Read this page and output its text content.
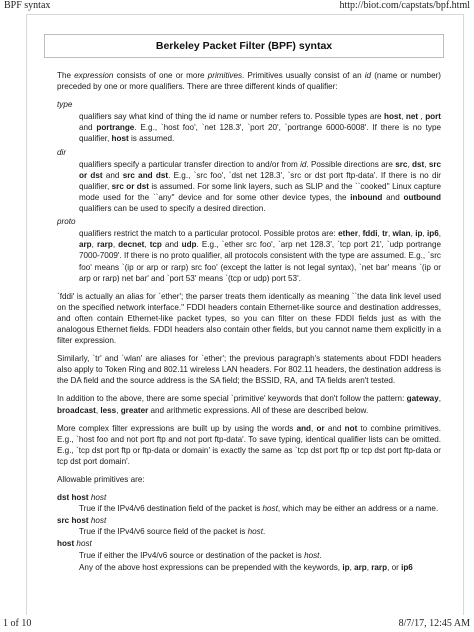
BPF syntax	http://biot.com/capstats/bpf.html
Berkeley Packet Filter (BPF) syntax

The expression consists of one or more primitives. Primitives usually consist of an id (name or number) preceded by one or more qualifiers. There are three different kinds of qualifier:

type
qualifiers say what kind of thing the id name or number refers to. Possible types are host, net , port and portrange. E.g., `host foo', `net 128.3', `port 20', `portrange 6000-6008'. If there is no type qualifier, host is assumed.
dir
qualifiers specify a particular transfer direction to and/or from id. Possible directions are src, dst, src or dst and src and dst. E.g., `src foo', `dst net 128.3', `src or dst port ftp-data'. If there is no dir qualifier, src or dst is assumed. For some link layers, such as SLIP and the ``cooked'' Linux capture mode used for the ``any'' device and for some other device types, the inbound and outbound qualifiers can be used to specify a desired direction.
proto
qualifiers restrict the match to a particular protocol. Possible protos are: ether, fddi, tr, wlan, ip, ip6, arp, rarp, decnet, tcp and udp. E.g., `ether src foo', `arp net 128.3', `tcp port 21', `udp portrange 7000-7009'. If there is no proto qualifier, all protocols consistent with the type are assumed. E.g., `src foo' means `(ip or arp or rarp) src foo' (except the latter is not legal syntax), `net bar' means `(ip or arp or rarp) net bar' and `port 53' means `(tcp or udp) port 53'.

`fddi' is actually an alias for `ether'; the parser treats them identically as meaning ``the data link level used on the specified network interface.'' FDDI headers contain Ethernet-like source and destination addresses, and often contain Ethernet-like packet types, so you can filter on these FDDI fields just as with the analogous Ethernet fields. FDDI headers also contain other fields, but you cannot name them explicitly in a filter expression.

Similarly, `tr' and `wlan' are aliases for `ether'; the previous paragraph's statements about FDDI headers also apply to Token Ring and 802.11 wireless LAN headers. For 802.11 headers, the destination address is the DA field and the source address is the SA field; the BSSID, RA, and TA fields aren't tested.

In addition to the above, there are some special `primitive' keywords that don't follow the pattern: gateway, broadcast, less, greater and arithmetic expressions. All of these are described below.

More complex filter expressions are built up by using the words and, or and not to combine primitives. E.g., `host foo and not port ftp and not port ftp-data'. To save typing, identical qualifier lists can be omitted. E.g., `tcp dst port ftp or ftp-data or domain' is exactly the same as `tcp dst port ftp or tcp dst port ftp-data or tcp dst port domain'.

Allowable primitives are:

dst host host
True if the IPv4/v6 destination field of the packet is host, which may be either an address or a name.
src host host
True if the IPv4/v6 source field of the packet is host.
host host
True if either the IPv4/v6 source or destination of the packet is host.
Any of the above host expressions can be prepended with the keywords, ip, arp, rarp, or ip6
1 of 10	8/7/17, 12:45 AM
